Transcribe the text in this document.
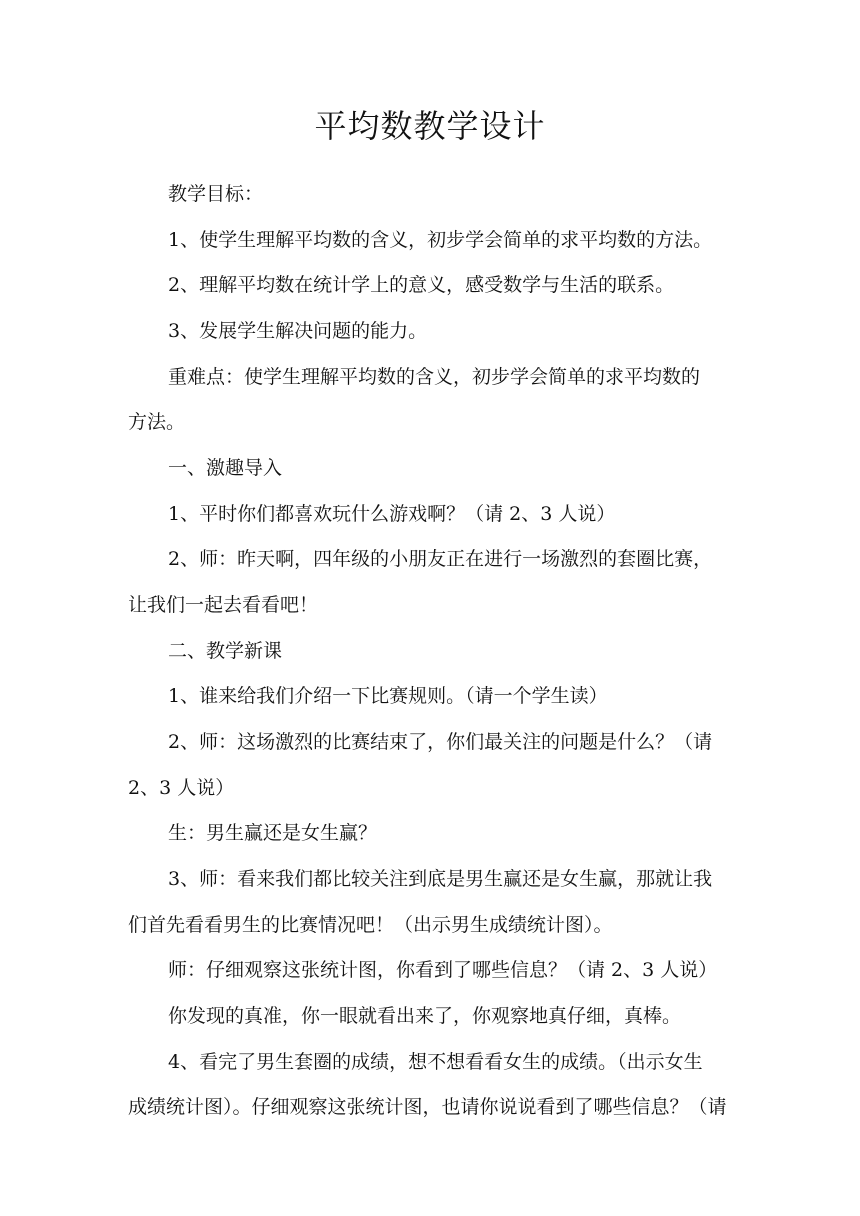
平均数教学设计
教学目标：
1、使学生理解平均数的含义，初步学会简单的求平均数的方法。
2、理解平均数在统计学上的意义，感受数学与生活的联系。
3、发展学生解决问题的能力。
重难点：使学生理解平均数的含义，初步学会简单的求平均数的
方法。
一、激趣导入
1、平时你们都喜欢玩什么游戏啊？（请 2、3 人说）
2、师：昨天啊，四年级的小朋友正在进行一场激烈的套圈比赛，
让我们一起去看看吧！
二、教学新课
1、谁来给我们介绍一下比赛规则。（请一个学生读）
2、师：这场激烈的比赛结束了，你们最关注的问题是什么？（请
2、3 人说）
生：男生赢还是女生赢？
3、师：看来我们都比较关注到底是男生赢还是女生赢，那就让我
们首先看看男生的比赛情况吧！（出示男生成绩统计图）。
师：仔细观察这张统计图，你看到了哪些信息？（请 2、3 人说）
你发现的真准，你一眼就看出来了，你观察地真仔细，真棒。
4、看完了男生套圈的成绩，想不想看看女生的成绩。（出示女生
成绩统计图）。仔细观察这张统计图，也请你说说看到了哪些信息？（请
